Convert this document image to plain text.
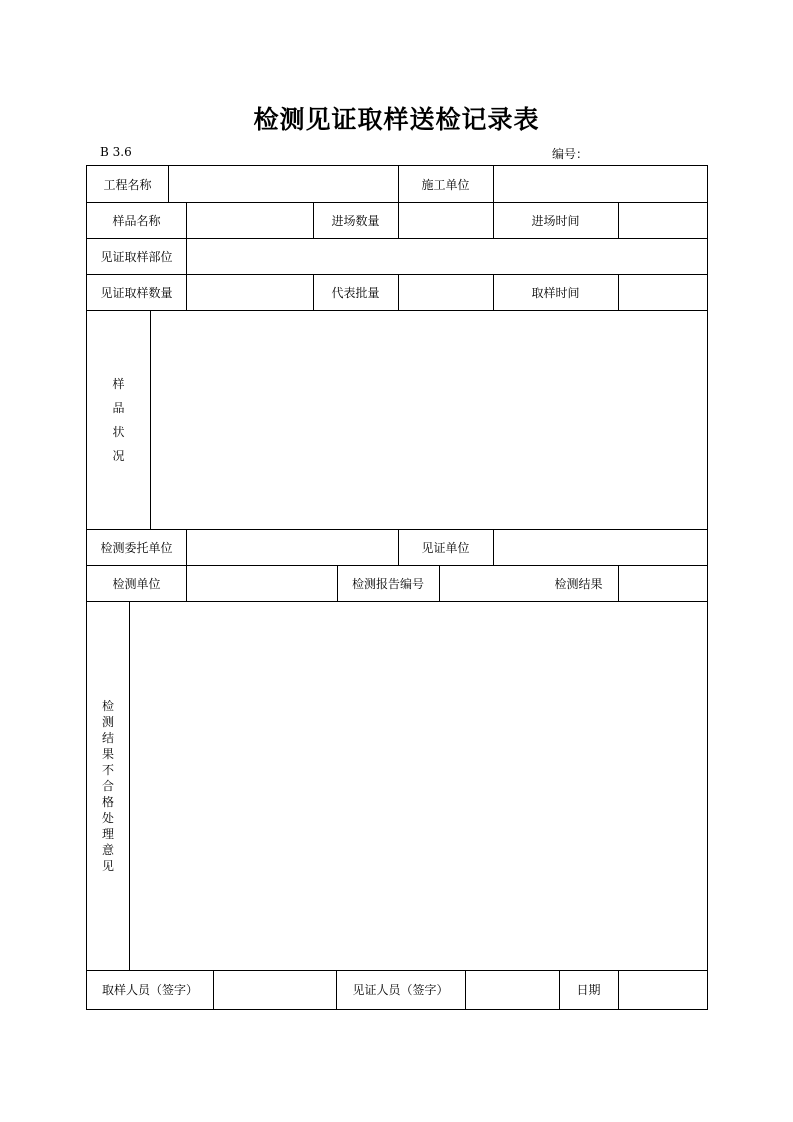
检测见证取样送检记录表
B 3.6	编号：
工程名称	施工单位
样品名称	进场数量	进场时间
见证取样部位
见证取样数量	代表批量	取样时间
样
品
状
况
检测委托单位	见证单位
检测单位	检测报告编号	检测结果
检
测
结
果
不
合
格
处
理
意
见
取样人员（签字）	见证人员（签字）	日期
